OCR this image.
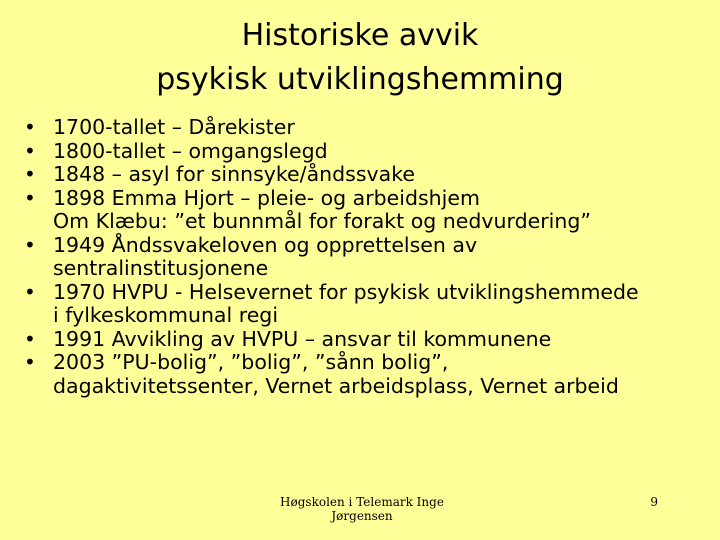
Historiske avvik
psykisk utviklingshemming
• 1700-tallet – Dårekister
• 1800-tallet – omgangslegd
• 1848 – asyl for sinnsyke/åndssvake
• 1898 Emma Hjort – pleie- og arbeidshjem
Om Klæbu: ”et bunnmål for forakt og nedvurdering”
• 1949 Åndssvakeloven og opprettelsen av
sentralinstitusjonene
• 1970 HVPU - Helsevernet for psykisk utviklingshemmede
i fylkeskommunal regi
• 1991 Avvikling av HVPU – ansvar til kommunene
• 2003 ”PU-bolig”, ”bolig”, ”sånn bolig”,
dagaktivitetssenter, Vernet arbeidsplass, Vernet arbeid
Høgskolen i Telemark Inge Jørgensen
9
